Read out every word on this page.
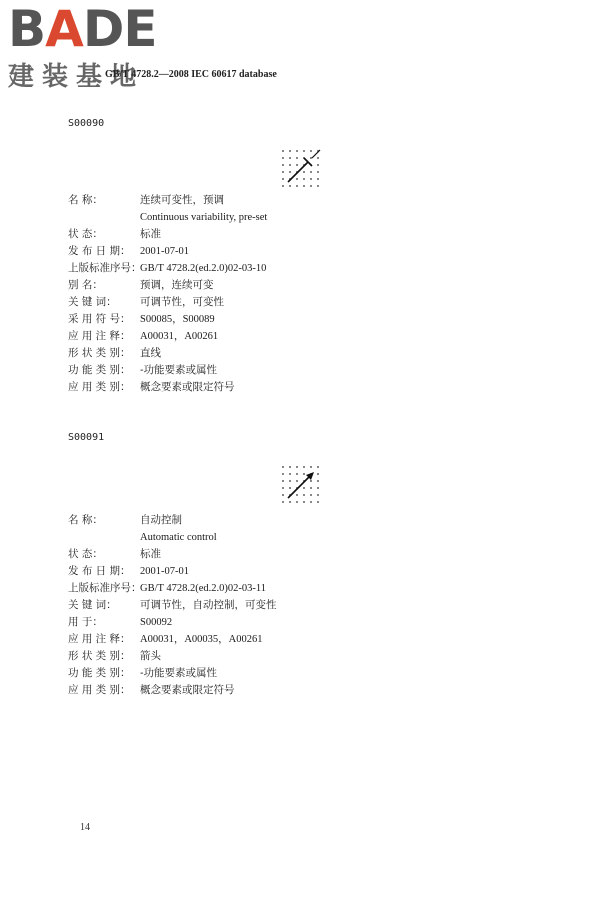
BADE
建装基地
GB/T 4728.2—2008 IEC 60617 database
S00090
名 称：	连续可变性，预调
Continuous variability, pre-set
状 态：	标准
发 布 日 期： 2001-07-01
上版标准序号：
GB/T 4728.2(ed.2.0)02-03-10
别 名：	预调，连续可变
关 键 词：	可调节性，可变性
采 用 符 号： S00085，S00089
应 用 注 释： A00031，A00261
形 状 类 别： 直线
功 能 类 别： -功能要素或属性
应 用 类 别： 概念要素或限定符号
S00091
名 称：	自动控制
Automatic control
状 态：	标准
发 布 日 期： 2001-07-01
上版标准序号：
GB/T 4728.2(ed.2.0)02-03-11
关 键 词：	可调节性，自动控制，可变性
用 于：	S00092
应 用 注 释： A00031，A00035，A00261
形 状 类 别： 箭头
功 能 类 别： -功能要素或属性
应 用 类 别： 概念要素或限定符号
14
